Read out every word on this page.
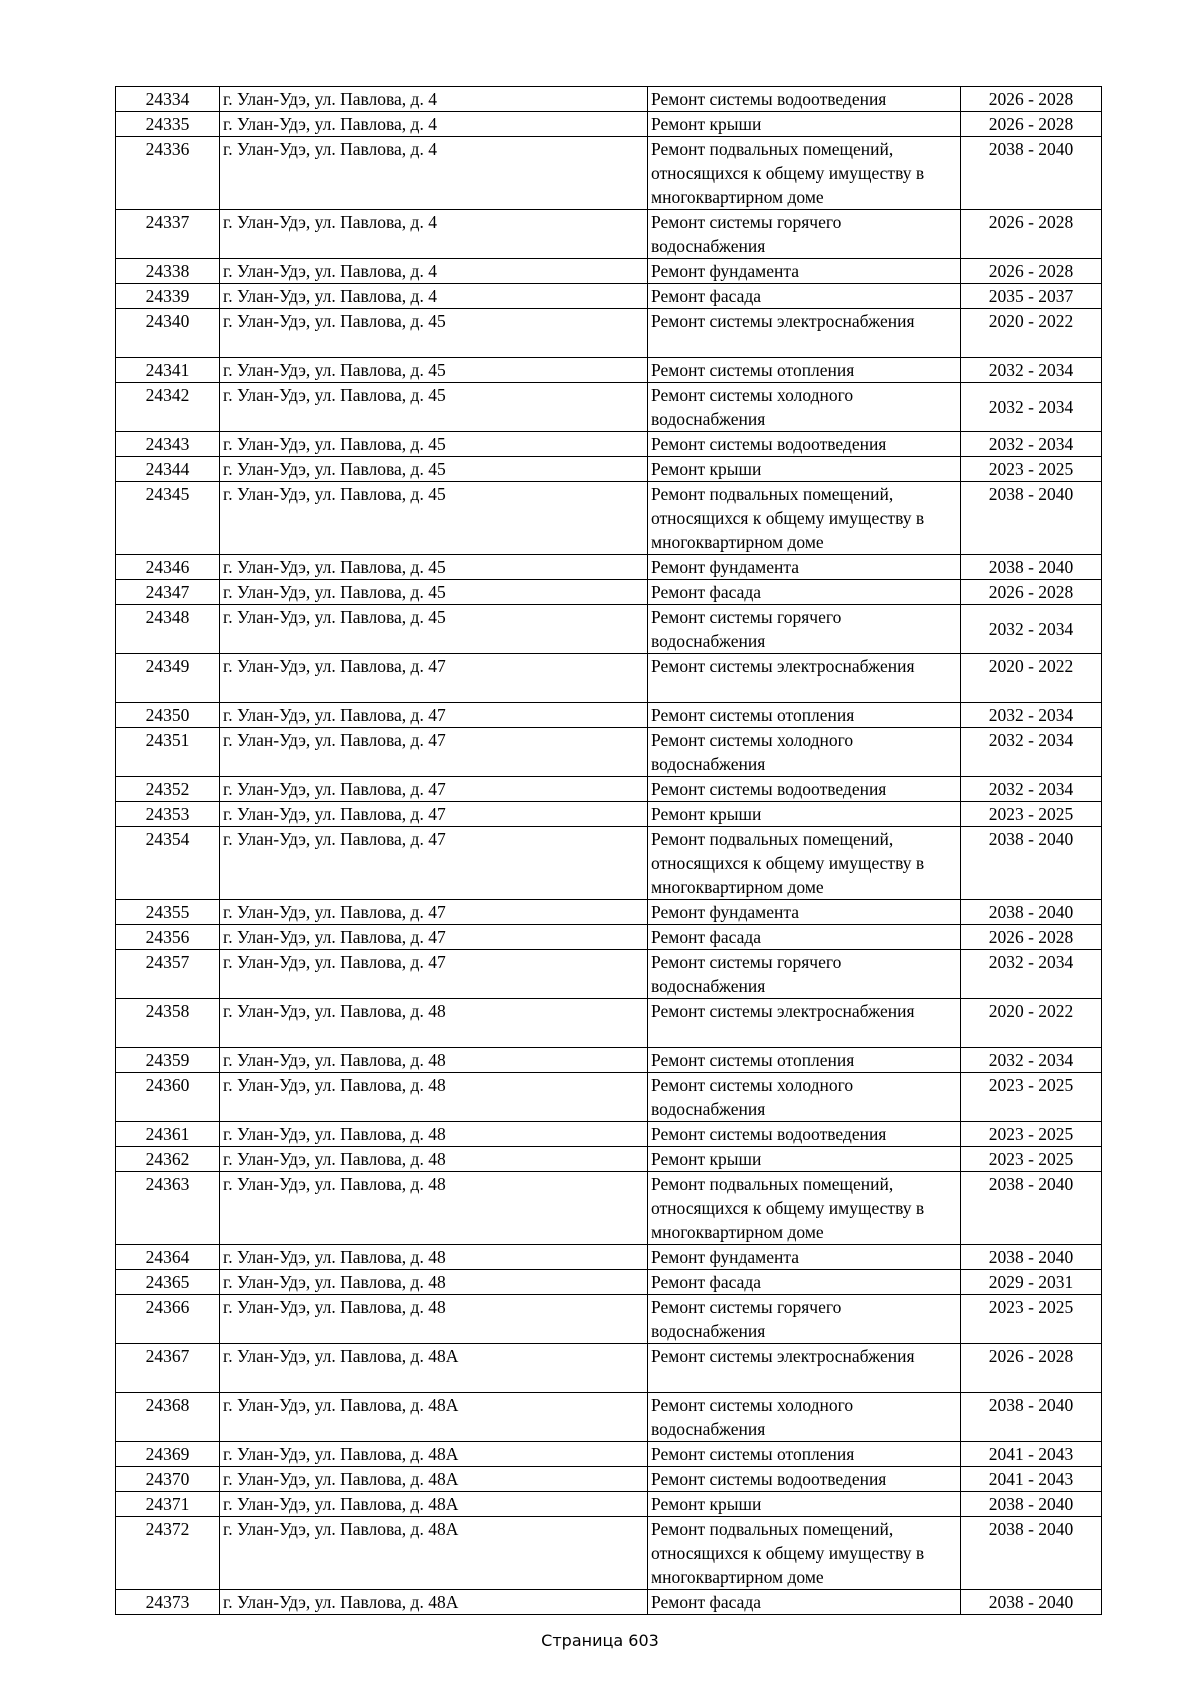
24334	г. Улан-Удэ, ул. Павлова, д. 4	Ремонт системы водоотведения	2026 - 2028
24335	г. Улан-Удэ, ул. Павлова, д. 4	Ремонт крыши	2026 - 2028
24336	г. Улан-Удэ, ул. Павлова, д. 4	Ремонт подвальных помещений, относящихся к общему имуществу в многоквартирном доме	2038 - 2040
24337	г. Улан-Удэ, ул. Павлова, д. 4	Ремонт системы горячего водоснабжения	2026 - 2028
24338	г. Улан-Удэ, ул. Павлова, д. 4	Ремонт фундамента	2026 - 2028
24339	г. Улан-Удэ, ул. Павлова, д. 4	Ремонт фасада	2035 - 2037
24340	г. Улан-Удэ, ул. Павлова, д. 45	Ремонт системы электроснабжения	2020 - 2022
24341	г. Улан-Удэ, ул. Павлова, д. 45	Ремонт системы отопления	2032 - 2034
24342	г. Улан-Удэ, ул. Павлова, д. 45	Ремонт системы холодного водоснабжения	2032 - 2034
24343	г. Улан-Удэ, ул. Павлова, д. 45	Ремонт системы водоотведения	2032 - 2034
24344	г. Улан-Удэ, ул. Павлова, д. 45	Ремонт крыши	2023 - 2025
24345	г. Улан-Удэ, ул. Павлова, д. 45	Ремонт подвальных помещений, относящихся к общему имуществу в многоквартирном доме	2038 - 2040
24346	г. Улан-Удэ, ул. Павлова, д. 45	Ремонт фундамента	2038 - 2040
24347	г. Улан-Удэ, ул. Павлова, д. 45	Ремонт фасада	2026 - 2028
24348	г. Улан-Удэ, ул. Павлова, д. 45	Ремонт системы горячего водоснабжения	2032 - 2034
24349	г. Улан-Удэ, ул. Павлова, д. 47	Ремонт системы электроснабжения	2020 - 2022
24350	г. Улан-Удэ, ул. Павлова, д. 47	Ремонт системы отопления	2032 - 2034
24351	г. Улан-Удэ, ул. Павлова, д. 47	Ремонт системы холодного водоснабжения	2032 - 2034
24352	г. Улан-Удэ, ул. Павлова, д. 47	Ремонт системы водоотведения	2032 - 2034
24353	г. Улан-Удэ, ул. Павлова, д. 47	Ремонт крыши	2023 - 2025
24354	г. Улан-Удэ, ул. Павлова, д. 47	Ремонт подвальных помещений, относящихся к общему имуществу в многоквартирном доме	2038 - 2040
24355	г. Улан-Удэ, ул. Павлова, д. 47	Ремонт фундамента	2038 - 2040
24356	г. Улан-Удэ, ул. Павлова, д. 47	Ремонт фасада	2026 - 2028
24357	г. Улан-Удэ, ул. Павлова, д. 47	Ремонт системы горячего водоснабжения	2032 - 2034
24358	г. Улан-Удэ, ул. Павлова, д. 48	Ремонт системы электроснабжения	2020 - 2022
24359	г. Улан-Удэ, ул. Павлова, д. 48	Ремонт системы отопления	2032 - 2034
24360	г. Улан-Удэ, ул. Павлова, д. 48	Ремонт системы холодного водоснабжения	2023 - 2025
24361	г. Улан-Удэ, ул. Павлова, д. 48	Ремонт системы водоотведения	2023 - 2025
24362	г. Улан-Удэ, ул. Павлова, д. 48	Ремонт крыши	2023 - 2025
24363	г. Улан-Удэ, ул. Павлова, д. 48	Ремонт подвальных помещений, относящихся к общему имуществу в многоквартирном доме	2038 - 2040
24364	г. Улан-Удэ, ул. Павлова, д. 48	Ремонт фундамента	2038 - 2040
24365	г. Улан-Удэ, ул. Павлова, д. 48	Ремонт фасада	2029 - 2031
24366	г. Улан-Удэ, ул. Павлова, д. 48	Ремонт системы горячего водоснабжения	2023 - 2025
24367	г. Улан-Удэ, ул. Павлова, д. 48А	Ремонт системы электроснабжения	2026 - 2028
24368	г. Улан-Удэ, ул. Павлова, д. 48А	Ремонт системы холодного водоснабжения	2038 - 2040
24369	г. Улан-Удэ, ул. Павлова, д. 48А	Ремонт системы отопления	2041 - 2043
24370	г. Улан-Удэ, ул. Павлова, д. 48А	Ремонт системы водоотведения	2041 - 2043
24371	г. Улан-Удэ, ул. Павлова, д. 48А	Ремонт крыши	2038 - 2040
24372	г. Улан-Удэ, ул. Павлова, д. 48А	Ремонт подвальных помещений, относящихся к общему имуществу в многоквартирном доме	2038 - 2040
24373	г. Улан-Удэ, ул. Павлова, д. 48А	Ремонт фасада	2038 - 2040
Страница 603
